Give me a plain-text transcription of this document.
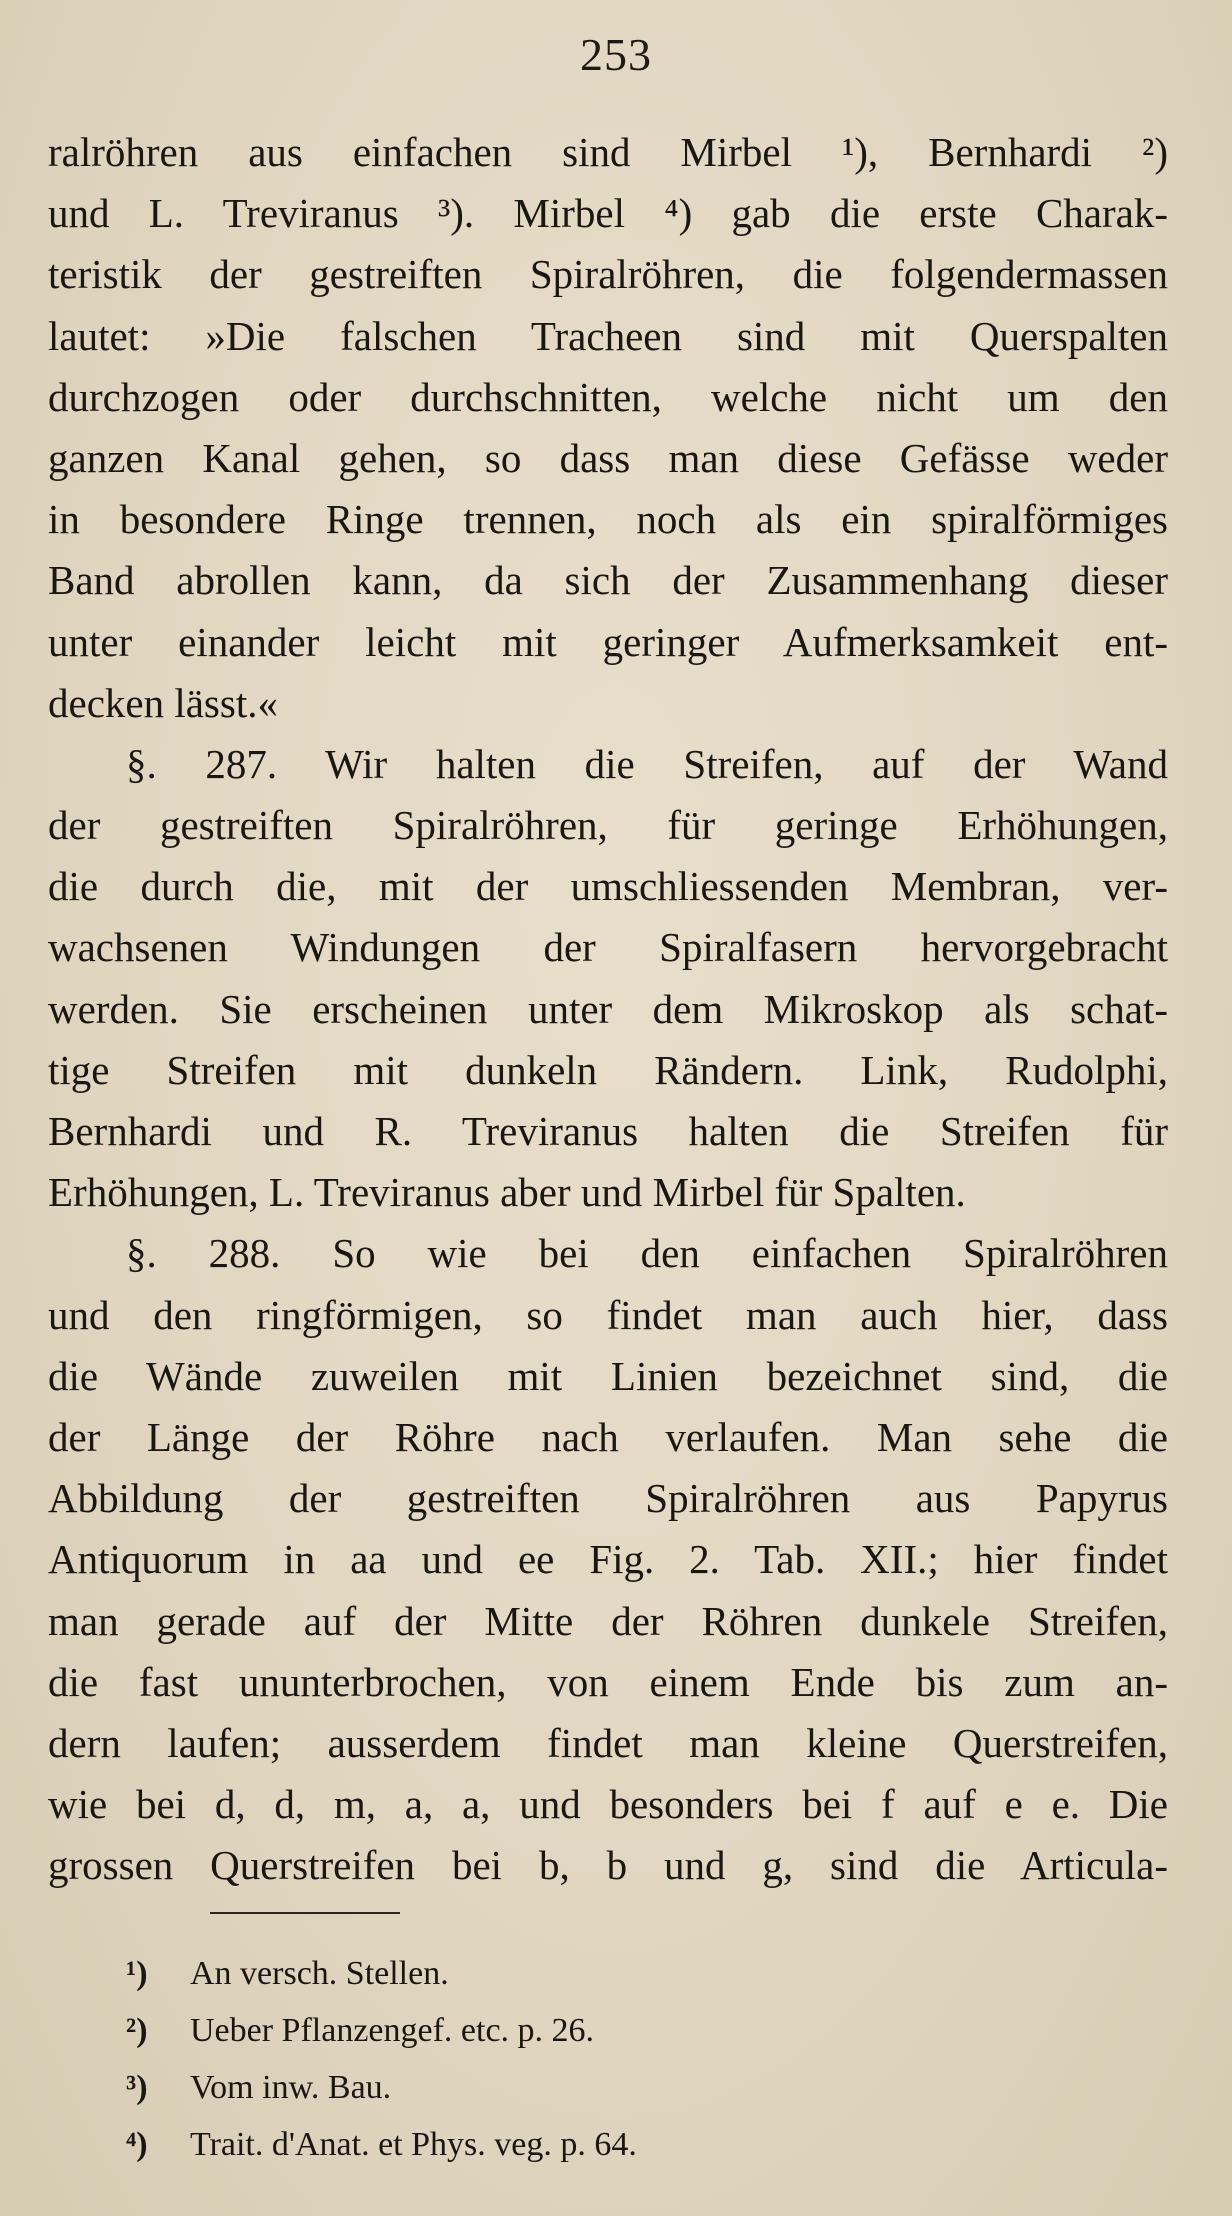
253
ralröhren aus einfachen sind Mirbel ¹), Bernhardi ²)
und L. Treviranus ³). Mirbel ⁴) gab die erste Charak-
teristik der gestreiften Spiralröhren, die folgendermassen
lautet: »Die falschen Tracheen sind mit Querspalten
durchzogen oder durchschnitten, welche nicht um den
ganzen Kanal gehen, so dass man diese Gefässe weder
in besondere Ringe trennen, noch als ein spiralförmiges
Band abrollen kann, da sich der Zusammenhang dieser
unter einander leicht mit geringer Aufmerksamkeit ent-
decken lässt.«
§. 287. Wir halten die Streifen, auf der Wand
der gestreiften Spiralröhren, für geringe Erhöhungen,
die durch die, mit der umschliessenden Membran, ver-
wachsenen Windungen der Spiralfasern hervorgebracht
werden. Sie erscheinen unter dem Mikroskop als schat-
tige Streifen mit dunkeln Rändern. Link, Rudolphi,
Bernhardi und R. Treviranus halten die Streifen für
Erhöhungen, L. Treviranus aber und Mirbel für Spalten.
§. 288. So wie bei den einfachen Spiralröhren
und den ringförmigen, so findet man auch hier, dass
die Wände zuweilen mit Linien bezeichnet sind, die
der Länge der Röhre nach verlaufen. Man sehe die
Abbildung der gestreiften Spiralröhren aus Papyrus
Antiquorum in aa und ee Fig. 2. Tab. XII.; hier findet
man gerade auf der Mitte der Röhren dunkele Streifen,
die fast ununterbrochen, von einem Ende bis zum an-
dern laufen; ausserdem findet man kleine Querstreifen,
wie bei d, d, m, a, a, und besonders bei f auf e e. Die
grossen Querstreifen bei b, b und g, sind die Articula-
¹) An versch. Stellen.
²) Ueber Pflanzengef. etc. p. 26.
³) Vom inw. Bau.
⁴) Trait. d'Anat. et Phys. veg. p. 64.
